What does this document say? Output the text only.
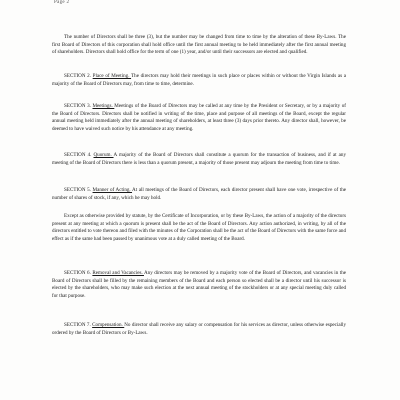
Page 2

The number of Directors shall be three (3), but the number may be changed from time to time by the alteration of these By-Laws. The first Board of Directors of this corporation shall hold office until the first annual meeting to be held immediately after the first annual meeting of shareholders. Directors shall hold office for the term of one (1) year, and/or until their successors are elected and qualified.

SECTION 2. Place of Meeting. The directors may hold their meetings in such place or places within or without the Virgin Islands as a majority of the Board of Directors may, from time to time, determine.

SECTION 3. Meetings. Meetings of the Board of Directors may be called at any time by the President or Secretary, or by a majority of the Board of Directors. Directors shall be notified in writing of the time, place and purpose of all meetings of the Board, except the regular annual meeting held immediately after the annual meeting of shareholders, at least three (3) days prior thereto. Any director shall, however, be deemed to have waived such notice by his attendance at any meeting.

SECTION 4. Quorum. A majority of the Board of Directors shall constitute a quorum for the transaction of business, and if at any meeting of the Board of Directors there is less than a quorum present, a majority of those present may adjourn the meeting from time to time.

SECTION 5. Manner of Acting. At all meetings of the Board of Directors, each director present shall have one vote, irrespective of the number of shares of stock, if any, which he may hold.

Except as otherwise provided by statute, by the Certificate of Incorporation, or by these By-Laws, the action of a majority of the directors present at any meeting at which a quorum is present shall be the act of the Board of Directors. Any action authorized, in writing, by all of the directors entitled to vote thereon and filed with the minutes of the Corporation shall be the act of the Board of Directors with the same force and effect as if the same had been passed by unanimous vote at a duly called meeting of the Board.

SECTION 6. Removal and Vacancies. Any directors may be removed by a majority vote of the Board of Directors, and vacancies in the Board of Directors shall be filled by the remaining members of the Board and each person so elected shall be a director until his successor is elected by the shareholders, who may make such election at the next annual meeting of the stockholders or at any special meeting duly called for that purpose.

SECTION 7. Compensation. No director shall receive any salary or compensation for his services as director, unless otherwise especially ordered by the Board of Directors or By-Laws.
